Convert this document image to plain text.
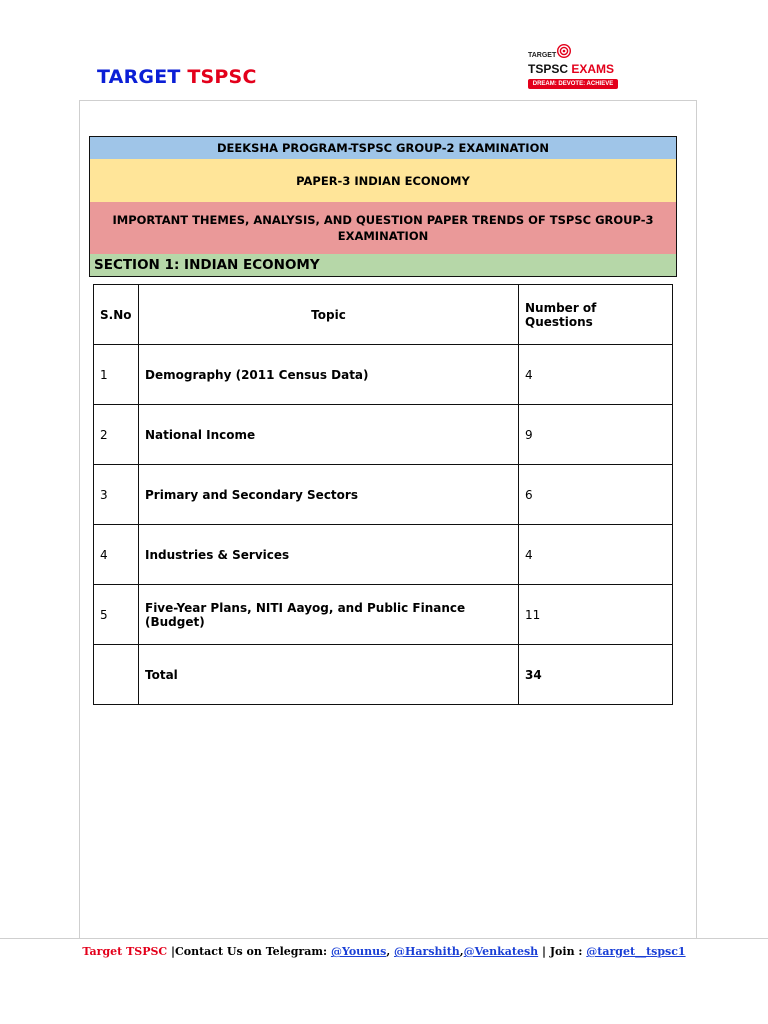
TARGET TSPSC
TARGET
TSPSC EXAMS
DREAM: DEVOTE: ACHIEVE
DEEKSHA PROGRAM-TSPSC GROUP-2 EXAMINATION
PAPER-3 INDIAN ECONOMY
IMPORTANT THEMES, ANALYSIS, AND QUESTION PAPER TRENDS OF TSPSC GROUP-3 EXAMINATION
SECTION 1: INDIAN ECONOMY
S.No	Topic	Number of Questions
1	Demography (2011 Census Data)	4
2	National Income	9
3	Primary and Secondary Sectors	6
4	Industries & Services	4
5	Five-Year Plans, NITI Aayog, and Public Finance (Budget)	11
	Total	34
Target TSPSC |Contact Us on Telegram: @Younus, @Harshith,@Venkatesh | Join : @target__tspsc1
